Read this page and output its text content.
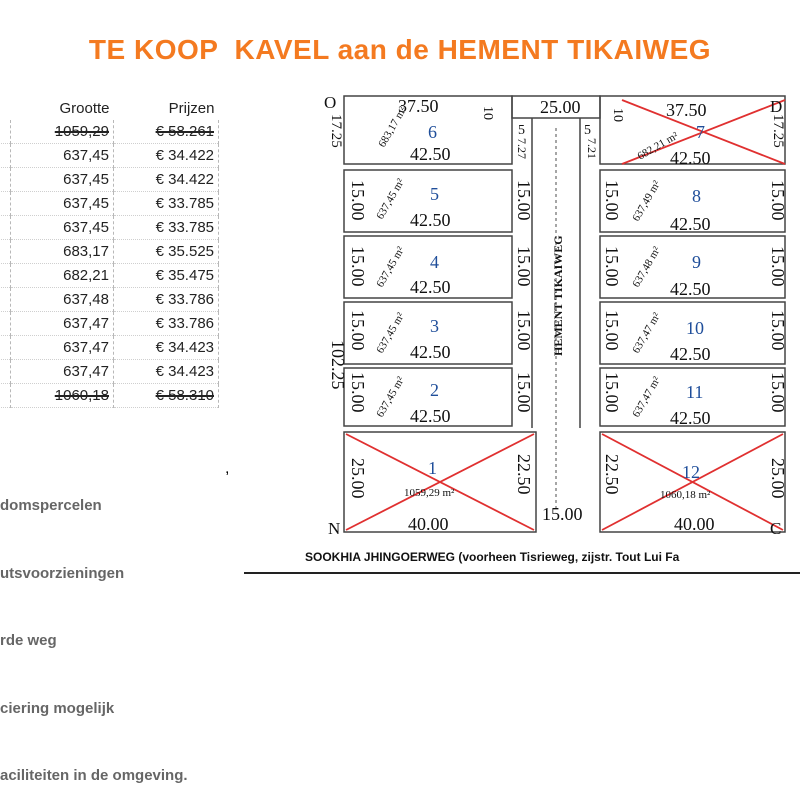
TE KOOP  KAVEL aan de HEMENT TIKAIWEG
	Grootte	Prijzen
	1059,29	€ 58.261
	637,45	€ 34.422
	637,45	€ 34.422
	637,45	€ 33.785
	637,45	€ 33.785
	683,17	€ 35.525
	682,21	€ 35.475
	637,48	€ 33.786
	637,47	€ 33.786
	637,47	€ 34.423
	637,47	€ 34.423
	1060,18	€ 58.310

domspercelen

utsvoorzieningen

rde weg

ciering mogelijk

aciliteiten in de omgeving.

,
O	D
N	C
37.50	25.00	37.50
102.25
17.25	17.25
10
5
10
5
7.27	7.21
42.50
42.50
42.50
42.50
42.50
42.50
42.50
42.50
42.50
42.50
15.00
15.00
15.00
15.00
15.00
15.00
15.00
15.00
15.00
15.00
15.00
15.00
15.00
15.00
15.00
15.00
25.00	22.50	22.50	25.00
40.00	40.00
15.00
6	7
5	8
4	9
3	10
2	11
1	12
683,17 m²	682,21 m²
637,45 m²	637,49 m²
637,45 m²	637,48 m²
637,45 m²	637,47 m²
637,45 m²	637,47 m²
1059,29 m²	1060,18 m²
HEMENT TIKAIWEG
SOOKHIA JHINGOERWEG (voorheen Tisrieweg, zijstr. Tout Lui Fa
